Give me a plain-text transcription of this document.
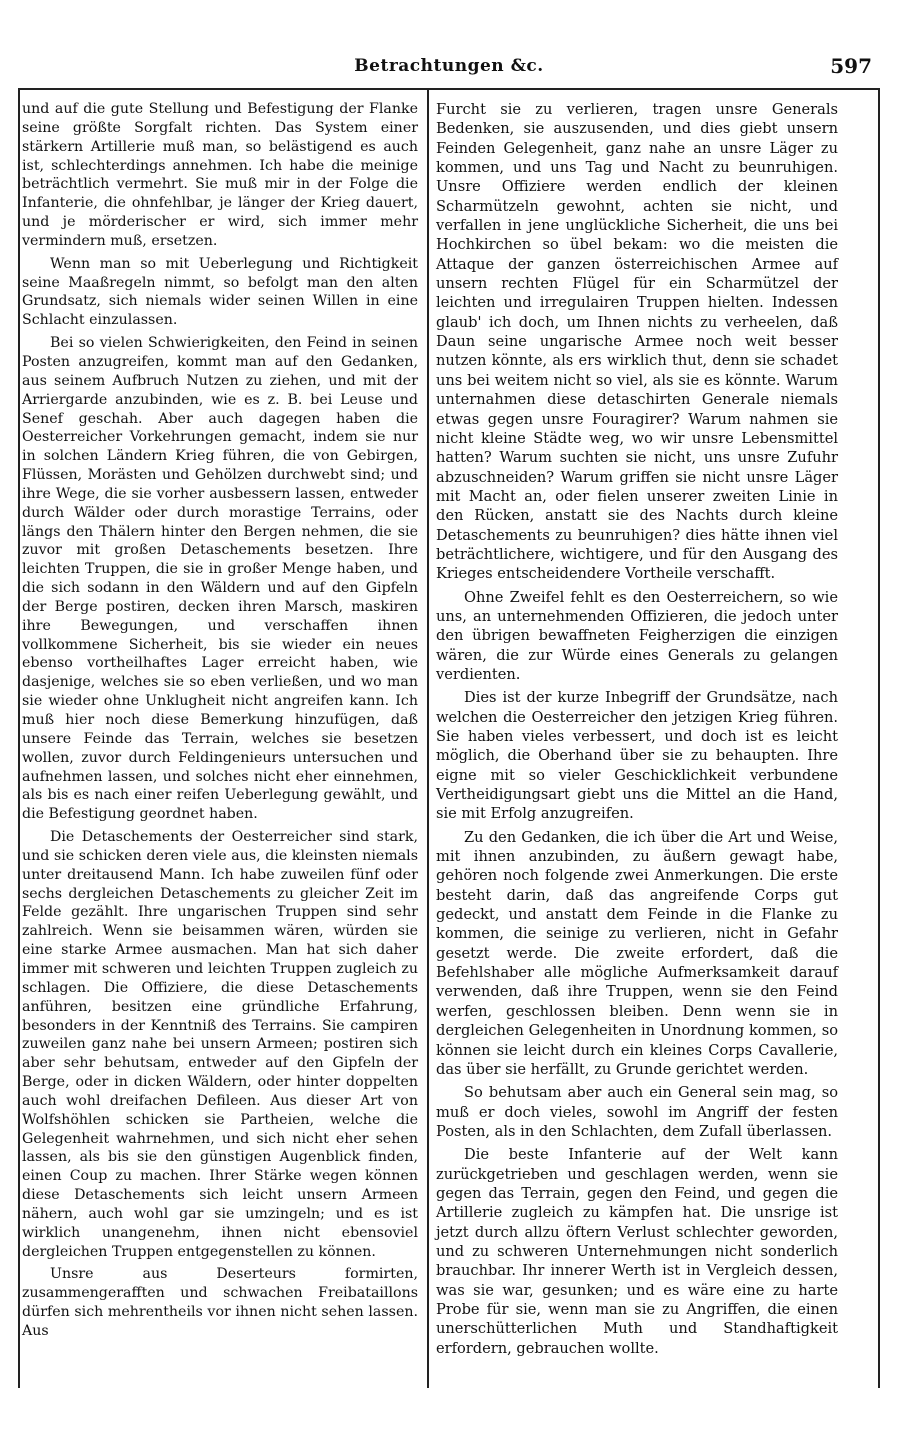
Betrachtungen &c.	597

und auf die gute Stellung und Befestigung der Flanke seine größte Sorgfalt richten. Das System einer stärkern Artillerie muß man, so belästigend es auch ist, schlechterdings annehmen. Ich habe die meinige beträchtlich vermehrt. Sie muß mir in der Folge die Infanterie, die ohnfehlbar, je länger der Krieg dauert, und je mörderischer er wird, sich immer mehr vermindern muß, ersetzen.

Wenn man so mit Ueberlegung und Richtigkeit seine Maaßregeln nimmt, so befolgt man den alten Grundsatz, sich niemals wider seinen Willen in eine Schlacht einzulassen.

Bei so vielen Schwierigkeiten, den Feind in seinen Posten anzugreifen, kommt man auf den Gedanken, aus seinem Aufbruch Nutzen zu ziehen, und mit der Arriergarde anzubinden, wie es z. B. bei Leuse und Senef geschah. Aber auch dagegen haben die Oesterreicher Vorkehrungen gemacht, indem sie nur in solchen Ländern Krieg führen, die von Gebirgen, Flüssen, Morästen und Gehölzen durchwebt sind; und ihre Wege, die sie vorher ausbessern lassen, entweder durch Wälder oder durch morastige Terrains, oder längs den Thälern hinter den Bergen nehmen, die sie zuvor mit großen Detaschements besetzen. Ihre leichten Truppen, die sie in großer Menge haben, und die sich sodann in den Wäldern und auf den Gipfeln der Berge postiren, decken ihren Marsch, maskiren ihre Bewegungen, und verschaffen ihnen vollkommene Sicherheit, bis sie wieder ein neues ebenso vortheilhaftes Lager erreicht haben, wie dasjenige, welches sie so eben verließen, und wo man sie wieder ohne Unklugheit nicht angreifen kann. Ich muß hier noch diese Bemerkung hinzufügen, daß unsere Feinde das Terrain, welches sie besetzen wollen, zuvor durch Feldingenieurs untersuchen und aufnehmen lassen, und solches nicht eher einnehmen, als bis es nach einer reifen Ueberlegung gewählt, und die Befestigung geordnet haben.

Die Detaschements der Oesterreicher sind stark, und sie schicken deren viele aus, die kleinsten niemals unter dreitausend Mann. Ich habe zuweilen fünf oder sechs dergleichen Detaschements zu gleicher Zeit im Felde gezählt. Ihre ungarischen Truppen sind sehr zahlreich. Wenn sie beisammen wären, würden sie eine starke Armee ausmachen. Man hat sich daher immer mit schweren und leichten Truppen zugleich zu schlagen. Die Offiziere, die diese Detaschements anführen, besitzen eine gründliche Erfahrung, besonders in der Kenntniß des Terrains. Sie campiren zuweilen ganz nahe bei unsern Armeen; postiren sich aber sehr behutsam, entweder auf den Gipfeln der Berge, oder in dicken Wäldern, oder hinter doppelten auch wohl dreifachen Defileen. Aus dieser Art von Wolfshöhlen schicken sie Partheien, welche die Gelegenheit wahrnehmen, und sich nicht eher sehen lassen, als bis sie den günstigen Augenblick finden, einen Coup zu machen. Ihrer Stärke wegen können diese Detaschements sich leicht unsern Armeen nähern, auch wohl gar sie umzingeln; und es ist wirklich unangenehm, ihnen nicht ebensoviel dergleichen Truppen entgegenstellen zu können.

Unsre aus Deserteurs formirten, zusammengerafften und schwachen Freibataillons dürfen sich mehrentheils vor ihnen nicht sehen lassen. Aus

Furcht sie zu verlieren, tragen unsre Generals Bedenken, sie auszusenden, und dies giebt unsern Feinden Gelegenheit, ganz nahe an unsre Läger zu kommen, und uns Tag und Nacht zu beunruhigen. Unsre Offiziere werden endlich der kleinen Scharmützeln gewohnt, achten sie nicht, und verfallen in jene unglückliche Sicherheit, die uns bei Hochkirchen so übel bekam: wo die meisten die Attaque der ganzen österreichischen Armee auf unsern rechten Flügel für ein Scharmützel der leichten und irregulairen Truppen hielten. Indessen glaub' ich doch, um Ihnen nichts zu verheelen, daß Daun seine ungarische Armee noch weit besser nutzen könnte, als ers wirklich thut, denn sie schadet uns bei weitem nicht so viel, als sie es könnte. Warum unternahmen diese detaschirten Generale niemals etwas gegen unsre Fouragirer? Warum nahmen sie nicht kleine Städte weg, wo wir unsre Lebensmittel hatten? Warum suchten sie nicht, uns unsre Zufuhr abzuschneiden? Warum griffen sie nicht unsre Läger mit Macht an, oder fielen unserer zweiten Linie in den Rücken, anstatt sie des Nachts durch kleine Detaschements zu beunruhigen? dies hätte ihnen viel beträchtlichere, wichtigere, und für den Ausgang des Krieges entscheidendere Vortheile verschafft.

Ohne Zweifel fehlt es den Oesterreichern, so wie uns, an unternehmenden Offizieren, die jedoch unter den übrigen bewaffneten Feigherzigen die einzigen wären, die zur Würde eines Generals zu gelangen verdienten.

Dies ist der kurze Inbegriff der Grundsätze, nach welchen die Oesterreicher den jetzigen Krieg führen. Sie haben vieles verbessert, und doch ist es leicht möglich, die Oberhand über sie zu behaupten. Ihre eigne mit so vieler Geschicklichkeit verbundene Vertheidigungsart giebt uns die Mittel an die Hand, sie mit Erfolg anzugreifen.

Zu den Gedanken, die ich über die Art und Weise, mit ihnen anzubinden, zu äußern gewagt habe, gehören noch folgende zwei Anmerkungen. Die erste besteht darin, daß das angreifende Corps gut gedeckt, und anstatt dem Feinde in die Flanke zu kommen, die seinige zu verlieren, nicht in Gefahr gesetzt werde. Die zweite erfordert, daß die Befehlshaber alle mögliche Aufmerksamkeit darauf verwenden, daß ihre Truppen, wenn sie den Feind werfen, geschlossen bleiben. Denn wenn sie in dergleichen Gelegenheiten in Unordnung kommen, so können sie leicht durch ein kleines Corps Cavallerie, das über sie herfällt, zu Grunde gerichtet werden.

So behutsam aber auch ein General sein mag, so muß er doch vieles, sowohl im Angriff der festen Posten, als in den Schlachten, dem Zufall überlassen.

Die beste Infanterie auf der Welt kann zurückgetrieben und geschlagen werden, wenn sie gegen das Terrain, gegen den Feind, und gegen die Artillerie zugleich zu kämpfen hat. Die unsrige ist jetzt durch allzu öftern Verlust schlechter geworden, und zu schweren Unternehmungen nicht sonderlich brauchbar. Ihr innerer Werth ist in Vergleich dessen, was sie war, gesunken; und es wäre eine zu harte Probe für sie, wenn man sie zu Angriffen, die einen unerschütterlichen Muth und Standhaftigkeit erfordern, gebrauchen wollte.
